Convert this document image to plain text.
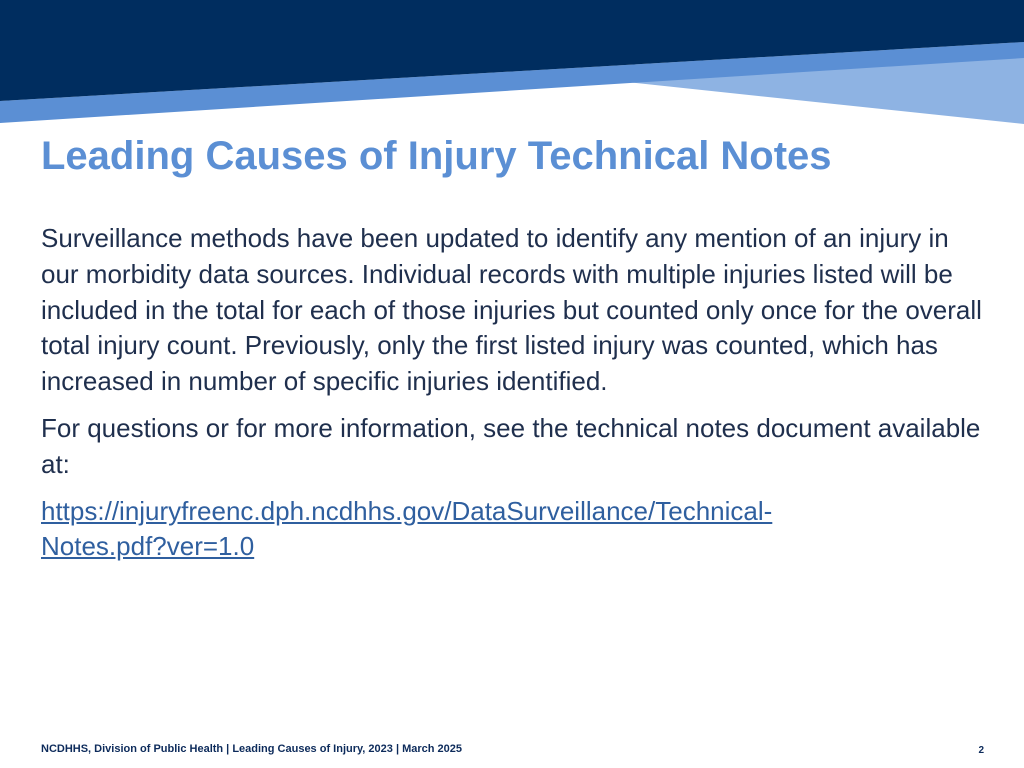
Leading Causes of Injury Technical Notes

Surveillance methods have been updated to identify any mention of an injury in our morbidity data sources. Individual records with multiple injuries listed will be included in the total for each of those injuries but counted only once for the overall total injury count. Previously, only the first listed injury was counted, which has increased in number of specific injuries identified.

For questions or for more information, see the technical notes document available at:

https://injuryfreenc.dph.ncdhhs.gov/DataSurveillance/Technical-
Notes.pdf?ver=1.0

NCDHHS, Division of Public Health | Leading Causes of Injury, 2023 | March 2025	2
